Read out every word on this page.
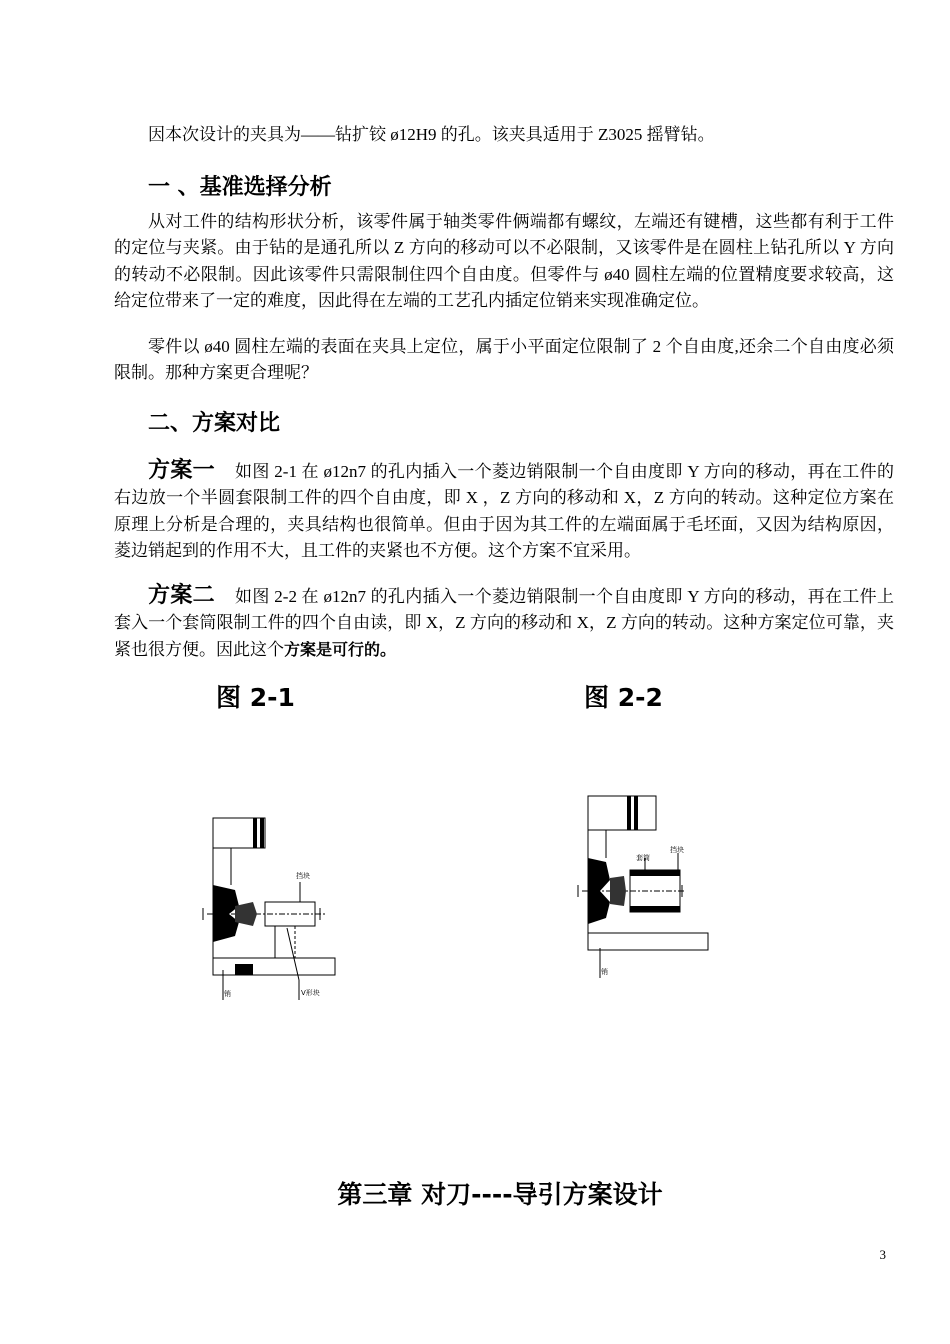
因本次设计的夹具为——钻扩铰 ø12H9 的孔。该夹具适用于 Z3025 摇臂钻。

一 、基准选择分析

从对工件的结构形状分析，该零件属于轴类零件俩端都有螺纹，左端还有键槽，这些都有利于工件的定位与夹紧。由于钻的是通孔所以 Z 方向的移动可以不必限制，又该零件是在圆柱上钻孔所以 Y 方向的转动不必限制。因此该零件只需限制住四个自由度。但零件与 ø40 圆柱左端的位置精度要求较高，这给定位带来了一定的难度，因此得在左端的工艺孔内插定位销来实现准确定位。

零件以 ø40 圆柱左端的表面在夹具上定位，属于小平面定位限制了 2 个自由度,还余二个自由度必须限制。那种方案更合理呢？

二、方案对比

方案一 如图 2-1 在 ø12n7 的孔内插入一个菱边销限制一个自由度即 Y 方向的移动，再在工件的右边放一个半圆套限制工件的四个自由度，即 X ，Z 方向的移动和 X，Z 方向的转动。这种定位方案在原理上分析是合理的，夹具结构也很简单。但由于因为其工件的左端面属于毛坯面，又因为结构原因，菱边销起到的作用不大，且工件的夹紧也不方便。这个方案不宜采用。

方案二 如图 2-2 在 ø12n7 的孔内插入一个菱边销限制一个自由度即 Y 方向的移动，再在工件上套入一个套筒限制工件的四个自由读，即 X，Z 方向的移动和 X，Z 方向的转动。这种方案定位可靠，夹紧也很方便。因此这个方案是可行的。

图 2-1	图 2-2
销	V形块
挡块
销
套筒
挡块
第三章 对刀----导引方案设计
3
